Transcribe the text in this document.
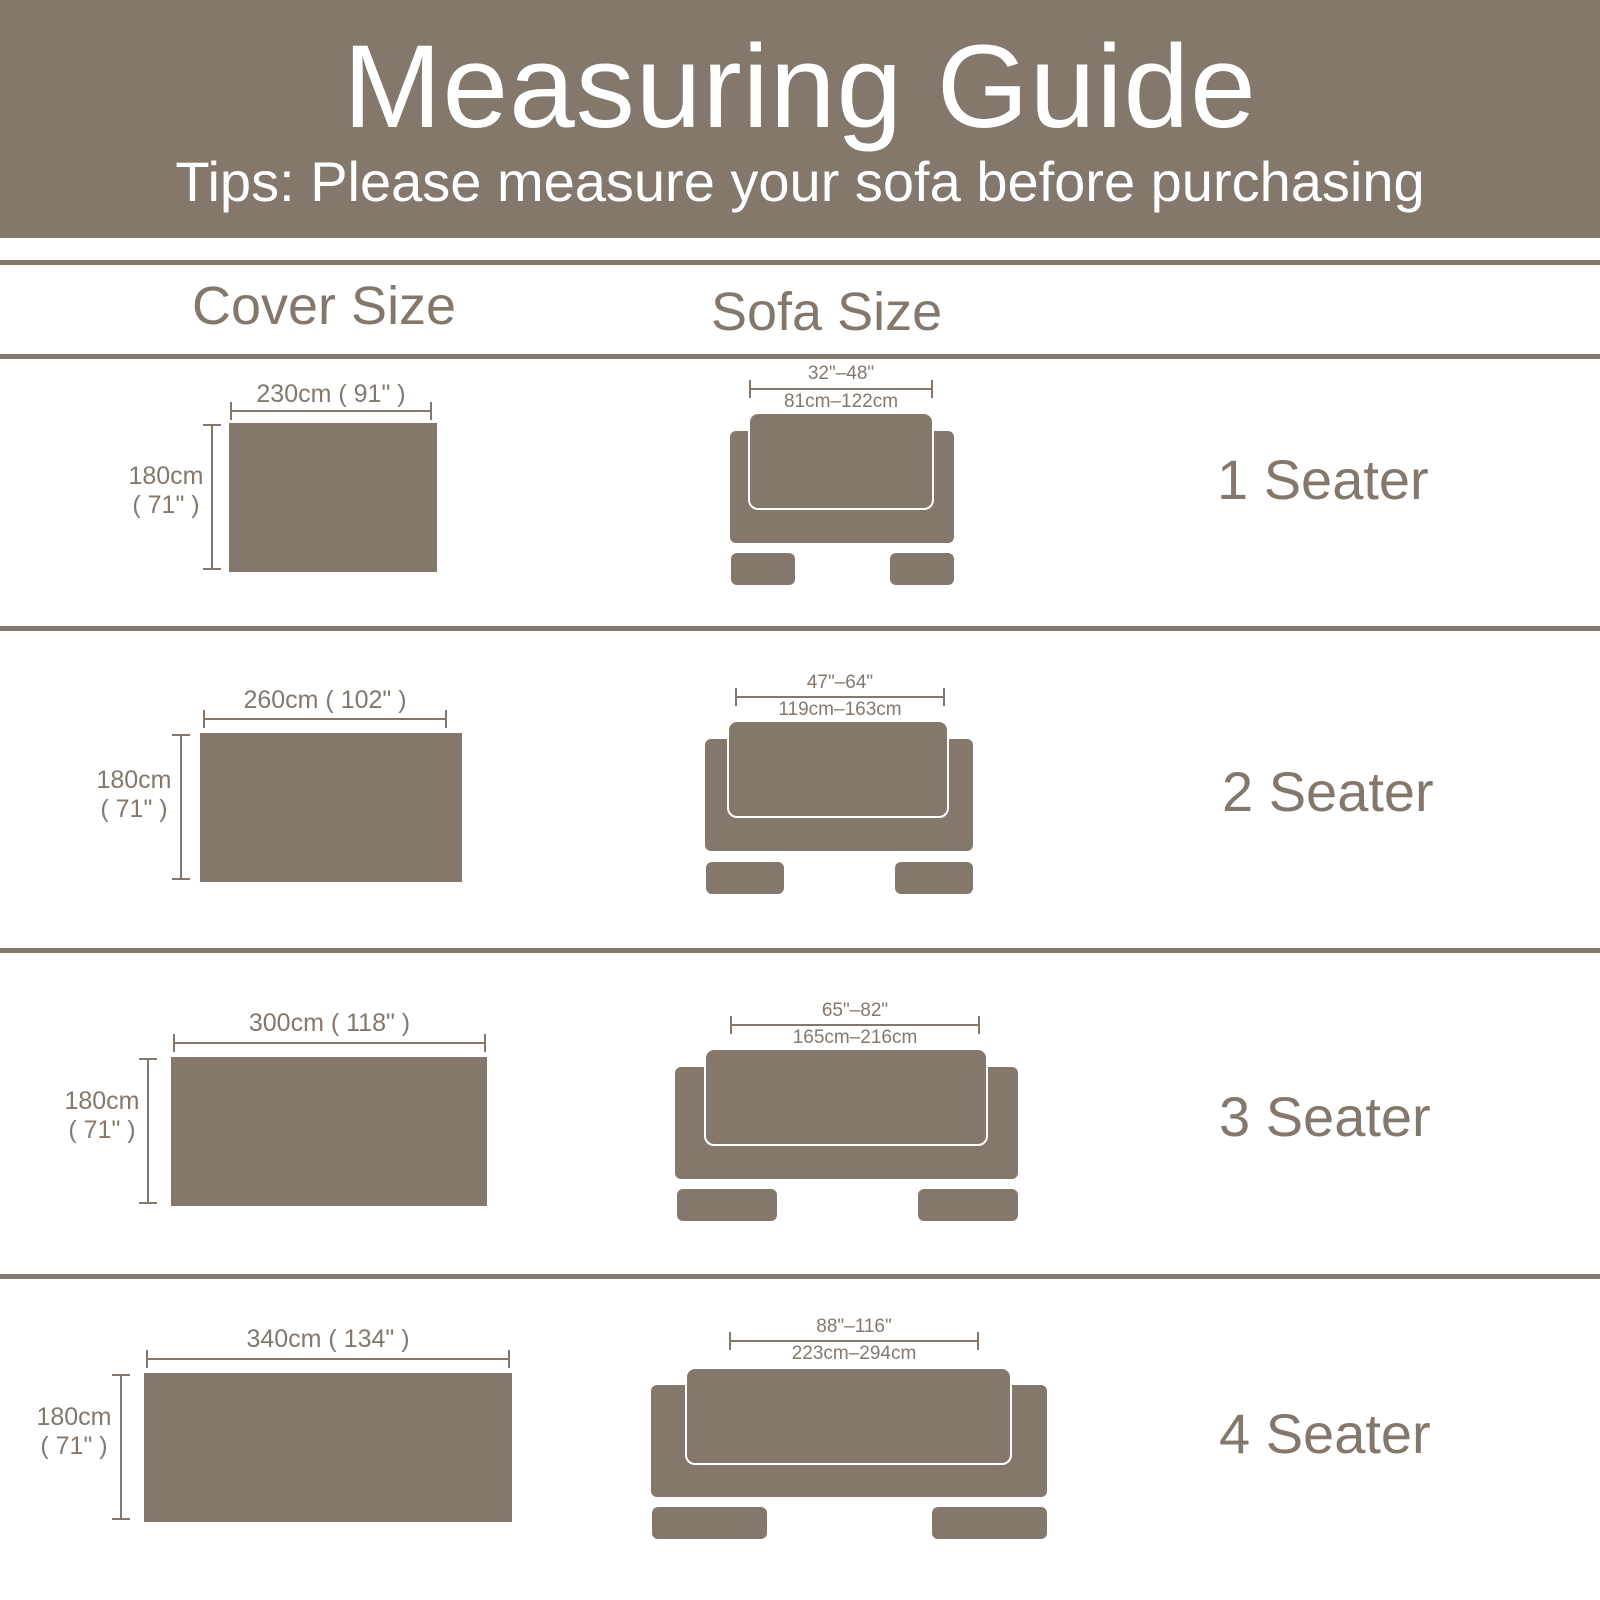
Measuring Guide
Tips: Please measure your sofa before purchasing
Cover Size	Sofa Size
230cm ( 91" )
180cm
( 71" )
32"–48"
81cm–122cm
1 Seater
260cm ( 102" )
180cm
( 71" )
47"–64"
119cm–163cm
2 Seater
300cm ( 118" )
180cm
( 71" )
65"–82"
165cm–216cm
3 Seater
340cm ( 134" )
180cm
( 71" )
88"–116"
223cm–294cm
4 Seater
